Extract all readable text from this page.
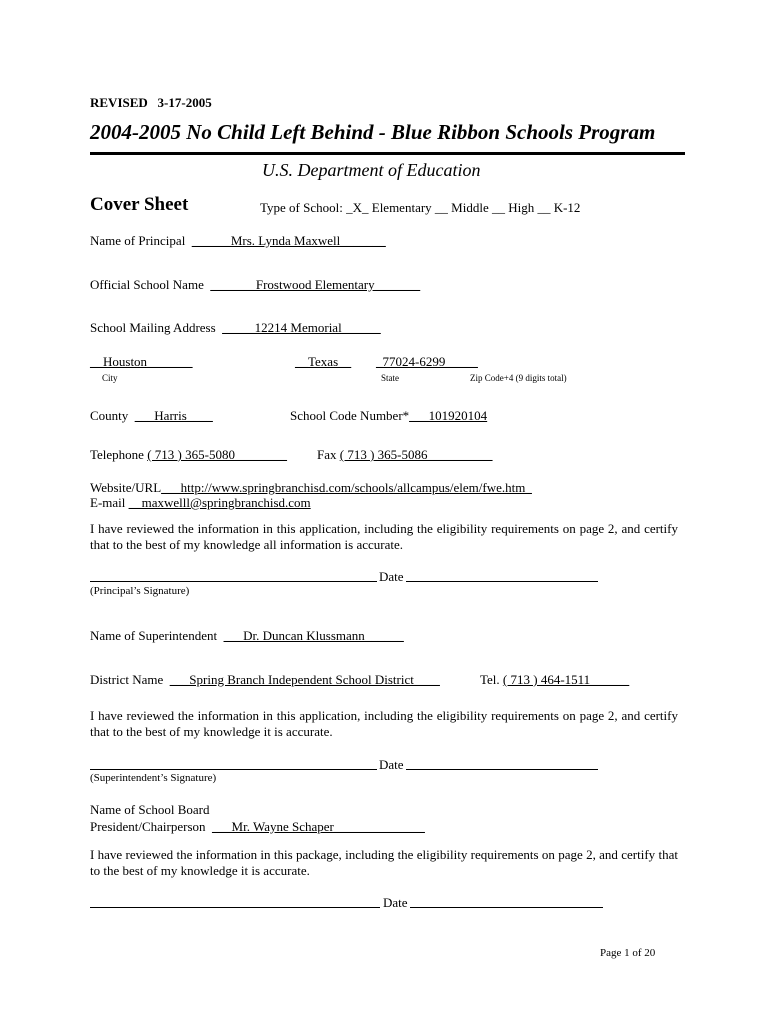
REVISED 3-17-2005
2004-2005 No Child Left Behind - Blue Ribbon Schools Program
U.S. Department of Education
Cover Sheet	Type of School: _X_ Elementary __ Middle __ High __ K-12
Name of Principal ______Mrs. Lynda Maxwell_______
Official School Name _______Frostwood Elementary_______
School Mailing Address _____12214 Memorial______
__Houston_______
City
__Texas__
State
_77024-6299_____
Zip Code+4 (9 digits total)
County ___Harris____	School Code Number*___101920104
Telephone ( 713 ) 365-5080________ Fax ( 713 ) 365-5086__________
Website/URL___http://www.springbranchisd.com/schools/allcampus/elem/fwe.htm_
E-mail __maxwelll@springbranchisd.com
I have reviewed the information in this application, including the eligibility requirements on page 2, and certify that to the best of my knowledge all information is accurate.
Date
(Principal’s Signature)
Name of Superintendent ___Dr. Duncan Klussmann______
District Name ___Spring Branch Independent School District____	Tel. ( 713 ) 464-1511______
I have reviewed the information in this application, including the eligibility requirements on page 2, and certify that to the best of my knowledge it is accurate.
Date
(Superintendent’s Signature)
Name of School Board
President/Chairperson ___Mr. Wayne Schaper______________
I have reviewed the information in this package, including the eligibility requirements on page 2, and certify that to the best of my knowledge it is accurate.
Date
Page 1 of 20
